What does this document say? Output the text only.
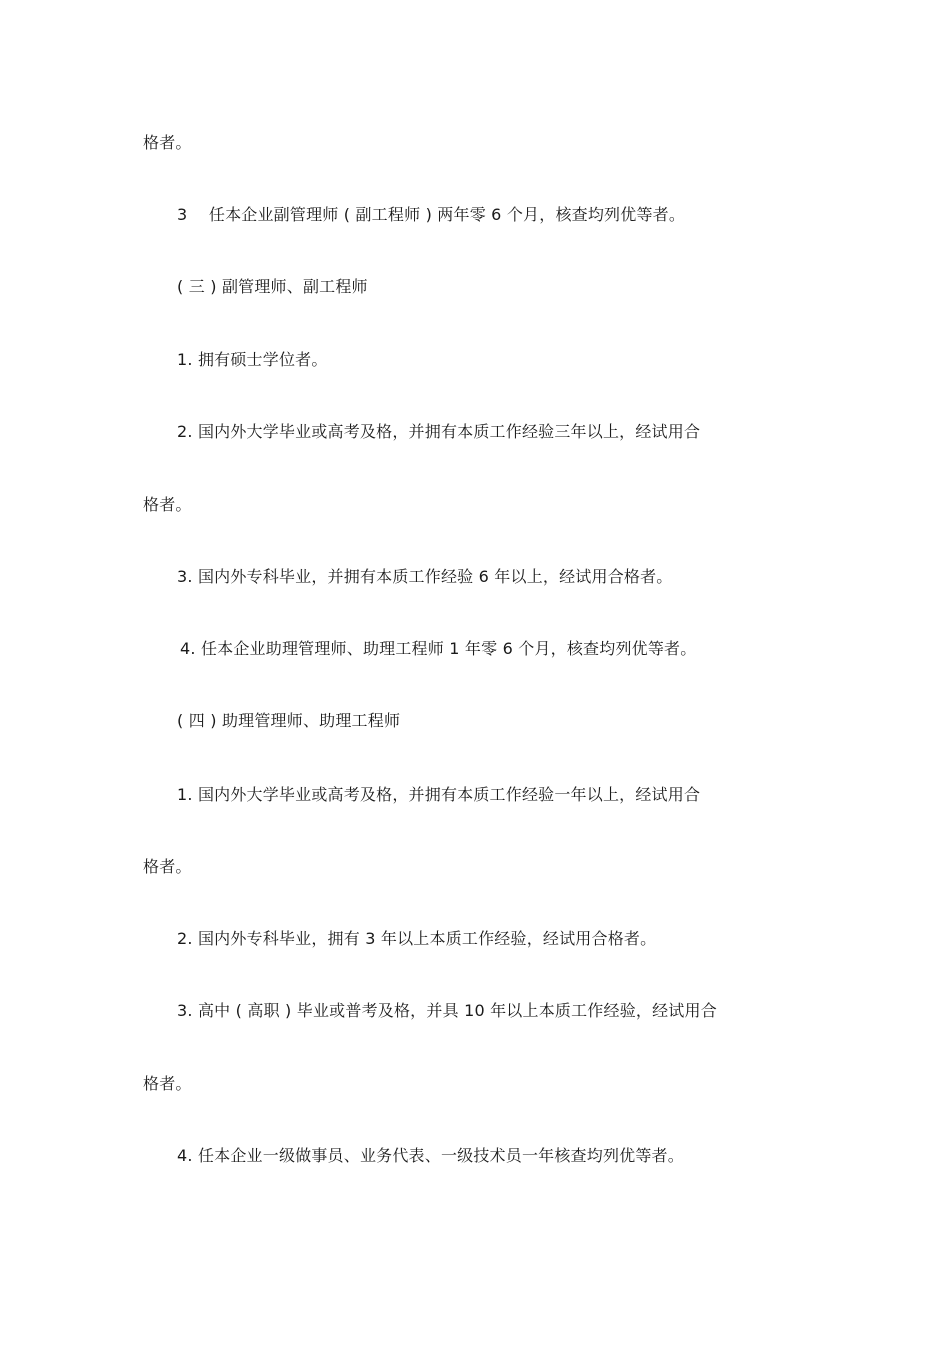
格者。
3　 任本企业副管理师 ( 副工程师 ) 两年零 6 个月，核查均列优等者。
( 三 ) 副管理师、副工程师
1. 拥有硕士学位者。
2. 国内外大学毕业或高考及格，并拥有本质工作经验三年以上，经试用合
格者。
3. 国内外专科毕业，并拥有本质工作经验 6 年以上，经试用合格者。
4. 任本企业助理管理师、助理工程师 1 年零 6 个月，核查均列优等者。
( 四 ) 助理管理师、助理工程师
1. 国内外大学毕业或高考及格，并拥有本质工作经验一年以上，经试用合
格者。
2. 国内外专科毕业，拥有 3 年以上本质工作经验，经试用合格者。
3. 高中 ( 高职 ) 毕业或普考及格，并具 10 年以上本质工作经验，经试用合
格者。
4. 任本企业一级做事员、业务代表、一级技术员一年核查均列优等者。
